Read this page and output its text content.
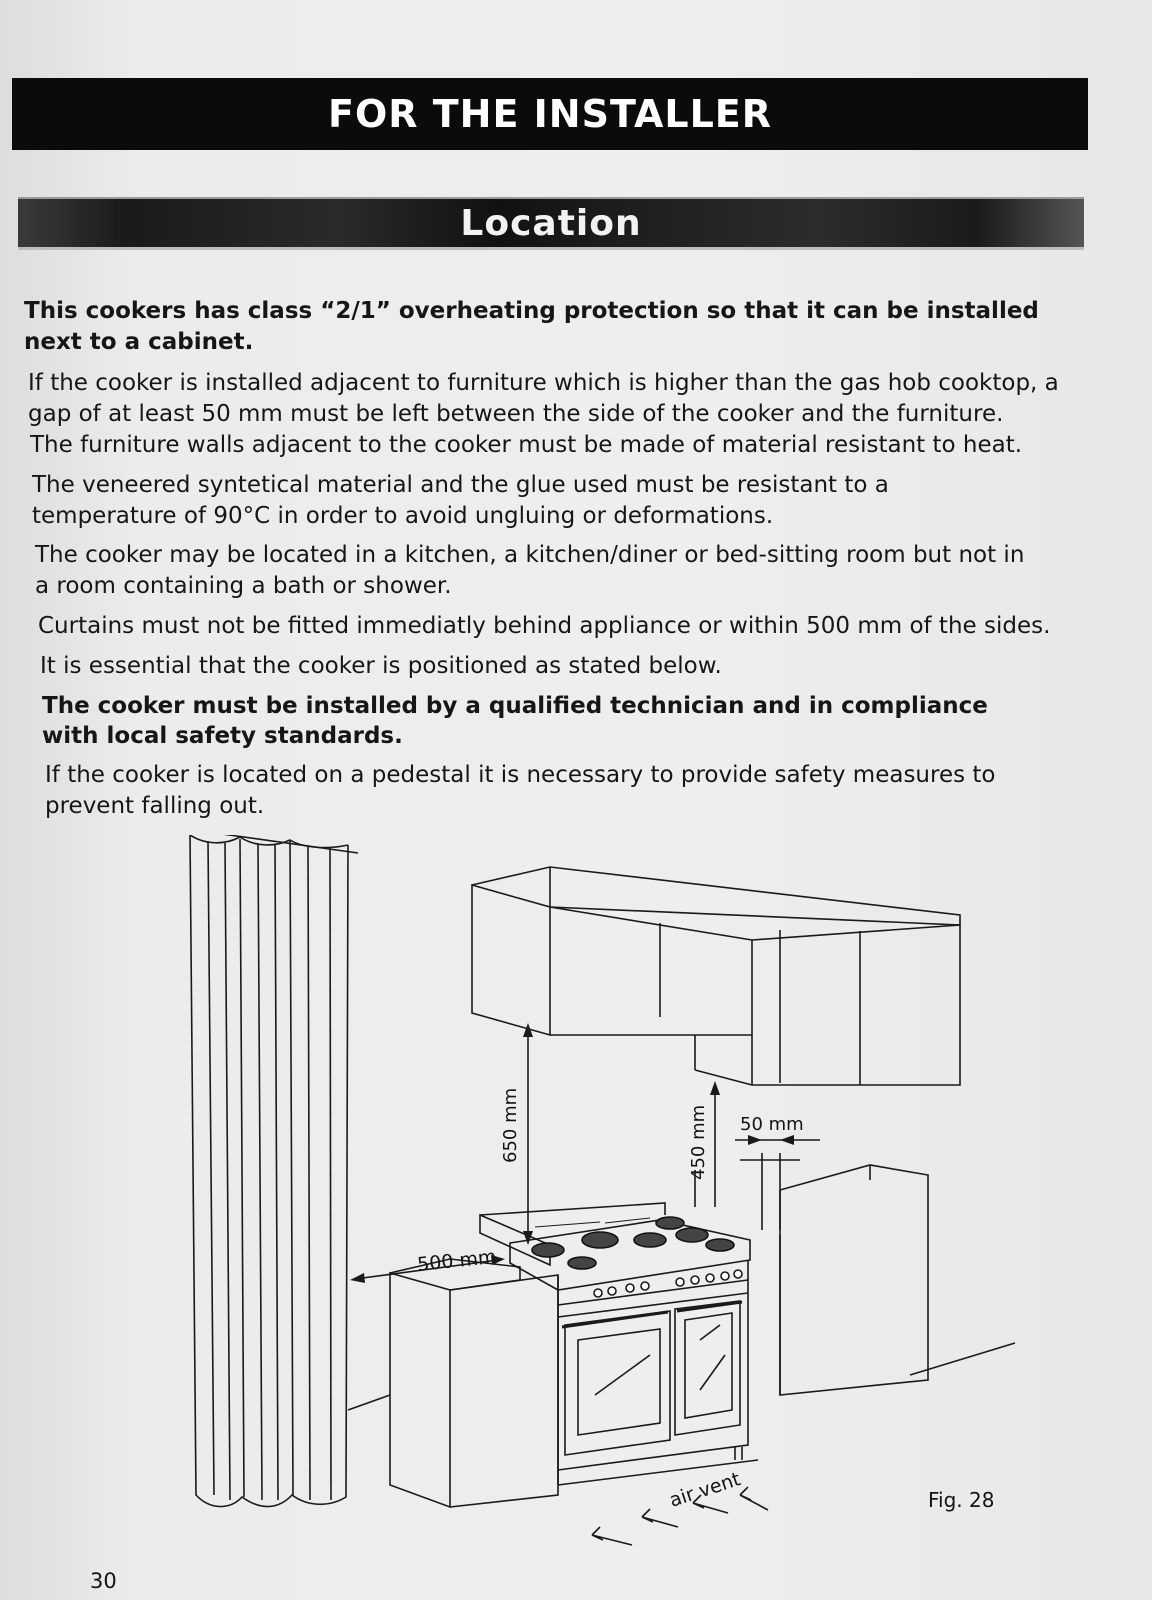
FOR THE INSTALLER
Location
This cookers has class “2/1” overheating protection so that it can be installed next to a cabinet.
If the cooker is installed adjacent to furniture which is higher than the gas hob cooktop, a gap of at least 50 mm must be left between the side of the cooker and the furniture.
The furniture walls adjacent to the cooker must be made of material resistant to heat.
The veneered syntetical material and the glue used must be resistant to a temperature of 90°C in order to avoid ungluing or deformations.
The cooker may be located in a kitchen, a kitchen/diner or bed-sitting room but not in a room containing a bath or shower.
Curtains must not be fitted immediatly behind appliance or within 500 mm of the sides.
It is essential that the cooker is positioned as stated below.
The cooker must be installed by a qualified technician and in compliance with local safety standards.
If the cooker is located on a pedestal it is necessary to provide safety measures to prevent falling out.
650 mm	450 mm 50 mm
500 mm
air vent	Fig. 28
30
